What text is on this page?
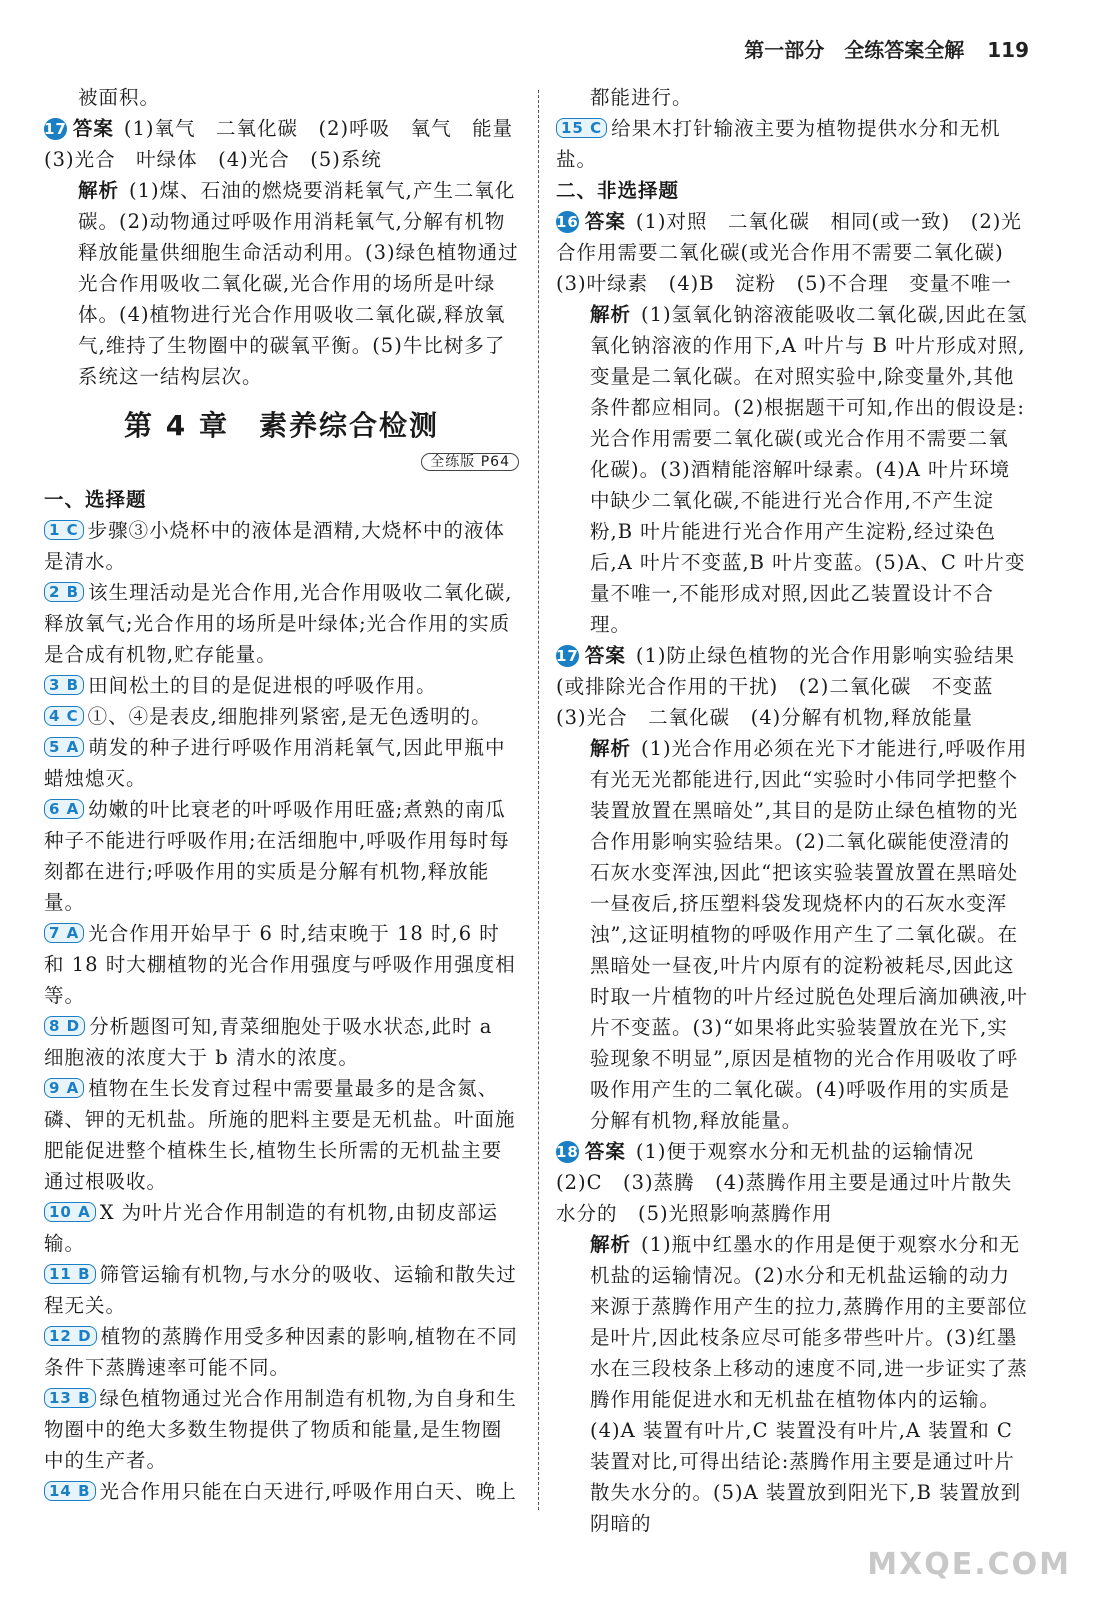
第一部分　全练答案全解 119

被面积。

17 答案 (1)氧气　二氧化碳　(2)呼吸　氧气　能量　(3)光合　叶绿体　(4)光合　(5)系统

解析 (1)煤、石油的燃烧要消耗氧气,产生二氧化碳。(2)动物通过呼吸作用消耗氧气,分解有机物释放能量供细胞生命活动利用。(3)绿色植物通过光合作用吸收二氧化碳,光合作用的场所是叶绿体。(4)植物进行光合作用吸收二氧化碳,释放氧气,维持了生物圈中的碳氧平衡。(5)牛比树多了系统这一结构层次。

第 4 章　素养综合检测
全练版 P64

一、选择题

1 C 步骤③小烧杯中的液体是酒精,大烧杯中的液体是清水。

2 B 该生理活动是光合作用,光合作用吸收二氧化碳,释放氧气;光合作用的场所是叶绿体;光合作用的实质是合成有机物,贮存能量。

3 B 田间松土的目的是促进根的呼吸作用。

4 C ①、④是表皮,细胞排列紧密,是无色透明的。

5 A 萌发的种子进行呼吸作用消耗氧气,因此甲瓶中蜡烛熄灭。

6 A 幼嫩的叶比衰老的叶呼吸作用旺盛;煮熟的南瓜种子不能进行呼吸作用;在活细胞中,呼吸作用每时每刻都在进行;呼吸作用的实质是分解有机物,释放能量。

7 A 光合作用开始早于 6 时,结束晚于 18 时,6 时和 18 时大棚植物的光合作用强度与呼吸作用强度相等。

8 D 分析题图可知,青菜细胞处于吸水状态,此时 a 细胞液的浓度大于 b 清水的浓度。

9 A 植物在生长发育过程中需要量最多的是含氮、磷、钾的无机盐。所施的肥料主要是无机盐。叶面施肥能促进整个植株生长,植物生长所需的无机盐主要通过根吸收。

10 A X 为叶片光合作用制造的有机物,由韧皮部运输。

11 B 筛管运输有机物,与水分的吸收、运输和散失过程无关。

12 D 植物的蒸腾作用受多种因素的影响,植物在不同条件下蒸腾速率可能不同。

13 B 绿色植物通过光合作用制造有机物,为自身和生物圈中的绝大多数生物提供了物质和能量,是生物圈中的生产者。

14 B 光合作用只能在白天进行,呼吸作用白天、晚上

都能进行。

15 C 给果木打针输液主要为植物提供水分和无机盐。

二、非选择题

16 答案 (1)对照　二氧化碳　相同(或一致)　(2)光合作用需要二氧化碳(或光合作用不需要二氧化碳)　(3)叶绿素　(4)B　淀粉　(5)不合理　变量不唯一

解析 (1)氢氧化钠溶液能吸收二氧化碳,因此在氢氧化钠溶液的作用下,A 叶片与 B 叶片形成对照,变量是二氧化碳。在对照实验中,除变量外,其他条件都应相同。(2)根据题干可知,作出的假设是:光合作用需要二氧化碳(或光合作用不需要二氧化碳)。(3)酒精能溶解叶绿素。(4)A 叶片环境中缺少二氧化碳,不能进行光合作用,不产生淀粉,B 叶片能进行光合作用产生淀粉,经过染色后,A 叶片不变蓝,B 叶片变蓝。(5)A、C 叶片变量不唯一,不能形成对照,因此乙装置设计不合理。

17 答案 (1)防止绿色植物的光合作用影响实验结果(或排除光合作用的干扰)　(2)二氧化碳　不变蓝　(3)光合　二氧化碳　(4)分解有机物,释放能量

解析 (1)光合作用必须在光下才能进行,呼吸作用有光无光都能进行,因此“实验时小伟同学把整个装置放置在黑暗处”,其目的是防止绿色植物的光合作用影响实验结果。(2)二氧化碳能使澄清的石灰水变浑浊,因此“把该实验装置放置在黑暗处一昼夜后,挤压塑料袋发现烧杯内的石灰水变浑浊”,这证明植物的呼吸作用产生了二氧化碳。在黑暗处一昼夜,叶片内原有的淀粉被耗尽,因此这时取一片植物的叶片经过脱色处理后滴加碘液,叶片不变蓝。(3)“如果将此实验装置放在光下,实验现象不明显”,原因是植物的光合作用吸收了呼吸作用产生的二氧化碳。(4)呼吸作用的实质是分解有机物,释放能量。

18 答案 (1)便于观察水分和无机盐的运输情况　(2)C　(3)蒸腾　(4)蒸腾作用主要是通过叶片散失水分的　(5)光照影响蒸腾作用

解析 (1)瓶中红墨水的作用是便于观察水分和无机盐的运输情况。(2)水分和无机盐运输的动力来源于蒸腾作用产生的拉力,蒸腾作用的主要部位是叶片,因此枝条应尽可能多带些叶片。(3)红墨水在三段枝条上移动的速度不同,进一步证实了蒸腾作用能促进水和无机盐在植物体内的运输。(4)A 装置有叶片,C 装置没有叶片,A 装置和 C 装置对比,可得出结论:蒸腾作用主要是通过叶片散失水分的。(5)A 装置放到阳光下,B 装置放到阴暗的

MXQE.COM
